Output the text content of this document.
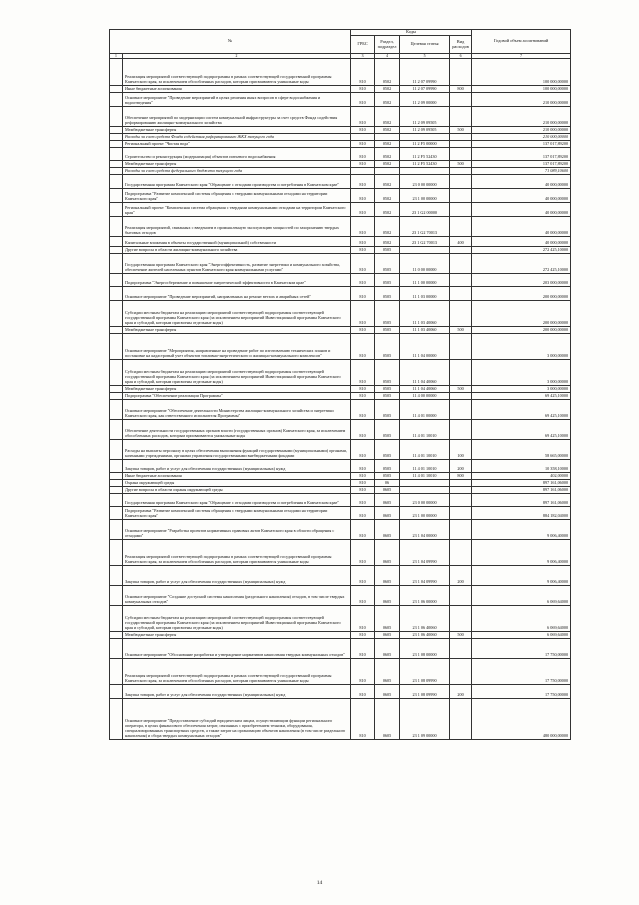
№		Коды				Годовой объем ассигнований
		ГРБС	Раздел, подраздел	Целевая статья	Вид расходов	
1	2	3	4	5	6	7
	Реализация мероприятий соответствующей подпрограммы в рамках соответствующей государственной программы Камчатского края, за исключением обособленных расходов, которым присваиваются уникальные коды	810	0502	11 2 07 09990		100 000,00000
	Иные бюджетные ассигнования	810	0502	11 2 07 09990	800	100 000,00000
	Основное мероприятие "Проведение мероприятий в целях решения иных вопросов в сфере водоснабжения и водоотведения"	810	0502	11 2 09 00000		210 000,00000
	Обеспечение мероприятий по модернизации систем коммунальной инфраструктуры за счет средств Фонда содействия реформированию жилищно-коммунального хозяйства	810	0502	11 2 09 09505		210 000,00000
	Межбюджетные трансферты	810	0502	11 2 09 09505	500	210 000,00000
	Расходы за счет средств Фонда содействия реформированию ЖКХ текущего года					210 000,00000
	Региональный проект "Чистая вода"	810	0502	11 2 F5 00000		137 017,89200
	Строительство и реконструкция (модернизация) объектов питьевого водоснабжения	810	0502	11 2 F5 52430		137 017,89200
	Межбюджетные трансферты	810	0502	11 2 F5 52430	500	137 017,89200
	Расходы за счет средств федерального бюджета текущего года					71 089,10600
	Государственная программа Камчатского края "Обращение с отходами производства и потребления в Камчатском крае"	810	0502	23 0 00 00000		40 000,00000
	Подпрограмма "Развитие комплексной системы обращения с твердыми коммунальными отходами на территории Камчатского края"	810	0502	23 1 00 00000		40 000,00000
	Региональный проект "Комплексная система обращения с твердыми коммунальными отходами на территории Камчатского края"	810	0502	23 1 G2 00000		40 000,00000
	Реализация мероприятий, связанных с введением в промышленную эксплуатацию мощностей по захоронению твердых бытовых отходов	810	0502	23 1 G2 70013		40 000,00000
	Капитальные вложения в объекты государственной (муниципальной) собственности	810	0502	23 1 G2 70013	400	40 000,00000
	Другие вопросы в области жилищно-коммунального хозяйства	810	0505			272 425,10000
	Государственная программа Камчатского края "Энергоэффективность, развитие энергетики и коммунального хозяйства, обеспечение жителей населенных пунктов Камчатского края коммунальными услугами"	810	0505	11 0 00 00000		272 425,10000
	Подпрограмма "Энергосбережение и повышение энергетической эффективности в Камчатском крае"	810	0505	11 1 00 00000		203 000,00000
	Основное мероприятие "Проведение мероприятий, направленных на ремонт ветхих и аварийных сетей"	810	0505	11 1 03 00000		200 000,00000
	Субсидии местным бюджетам на реализацию мероприятий соответствующей подпрограммы соответствующей государственной программы Камчатского края (за исключением мероприятий Инвестиционной программы Камчатского края и субсидий, которым присвоены отдельные коды)	810	0505	11 1 03 40060		200 000,00000
	Межбюджетные трансферты	810	0505	11 1 03 40060	500	200 000,00000
	Основное мероприятие "Мероприятия, направленные на проведение работ по изготовлению технических планов и постановке на кадастровый учет объектов топливно-энергетического и жилищно-коммунального комплексов"	810	0505	11 1 04 00000		3 000,00000
	Субсидии местным бюджетам на реализацию мероприятий соответствующей подпрограммы соответствующей государственной программы Камчатского края (за исключением мероприятий Инвестиционной программы Камчатского края и субсидий, которым присвоены отдельные коды)	810	0505	11 1 04 40060		3 000,00000
	Межбюджетные трансферты	810	0505	11 1 04 40060	500	3 000,00000
	Подпрограмма "Обеспечение реализации Программы"	810	0505	11 4 00 00000		69 425,10000
	Основное мероприятие "Обеспечение деятельности Министерства жилищно-коммунального хозяйства и энергетики Камчатского края, как ответственного исполнителя Программы"	810	0505	11 4 01 00000		69 425,10000
	Обеспечение деятельности государственных органов власти (государственных органов) Камчатского края, за исключением обособленных расходов, которым присваиваются уникальные коды	810	0505	11 4 01 10010		69 425,10000
	Расходы на выплаты персоналу в целях обеспечения выполнения функций государственными (муниципальными) органами, казенными учреждениями, органами управления государственными внебюджетными фондами	810	0505	11 4 01 10010	100	58 665,00000
	Закупка товаров, работ и услуг для обеспечения государственных (муниципальных) нужд	810	0505	11 4 01 10010	200	10 358,10000
	Иные бюджетные ассигнования	810	0505	11 4 01 10010	800	402,00000
	Охрана окружающей среды	810	06			897 161,06000
	Другие вопросы в области охраны окружающей среды	810	0605			897 161,06000
	Государственная программа Камчатского края "Обращение с отходами производства и потребления в Камчатском крае"	810	0605	23 0 00 00000		897 161,06000
	Подпрограмма "Развитие комплексной системы обращения с твердыми коммунальными отходами на территории Камчатского края"	810	0605	23 1 00 00000		884 182,04000
	Основное мероприятие "Разработка проектов нормативных правовых актов Камчатского края в области обращения с отходами"	810	0605	23 1 04 00000		9 006,40000
	Реализация мероприятий соответствующей подпрограммы в рамках соответствующей государственной программы Камчатского края, за исключением обособленных расходов, которым присваиваются уникальные коды	810	0605	23 1 04 09990		9 006,40000
	Закупка товаров, работ и услуг для обеспечения государственных (муниципальных) нужд	810	0605	23 1 04 09990	200	9 006,40000
	Основное мероприятие "Создание доступной системы накопления (раздельного накопления) отходов, в том числе твердых коммунальных отходов"	810	0605	23 1 06 00000		6 069,64000
	Субсидии местным бюджетам на реализацию мероприятий соответствующей подпрограммы соответствующей государственной программы Камчатского края (за исключением мероприятий Инвестиционной программы Камчатского края и субсидий, которым присвоены отдельные коды)	810	0605	23 1 06 40060		6 069,64000
	Межбюджетные трансферты	810	0605	23 1 06 40060	500	6 069,64000
	Основное мероприятие "Обоснование разработки и утверждение нормативов накопления твердых коммунальных отходов"	810	0605	23 1 08 00000		17 750,00000
	Реализация мероприятий соответствующей подпрограммы в рамках соответствующей государственной программы Камчатского края, за исключением обособленных расходов, которым присваиваются уникальные коды	810	0605	23 1 08 09990		17 750,00000
	Закупка товаров, работ и услуг для обеспечения государственных (муниципальных) нужд	810	0605	23 1 08 09990	200	17 750,00000
	Основное мероприятие "Предоставление субсидий юридическим лицам, осуществляющим функции регионального оператора, в целях финансового обеспечения затрат, связанных с приобретением техники, оборудования, специализированных транспортных средств, а также затрат на организацию объектов накопления (в том числе раздельного накопления) и сбора твердых коммунальных отходов"	810	0605	23 1 09 00000		480 000,00000
14
